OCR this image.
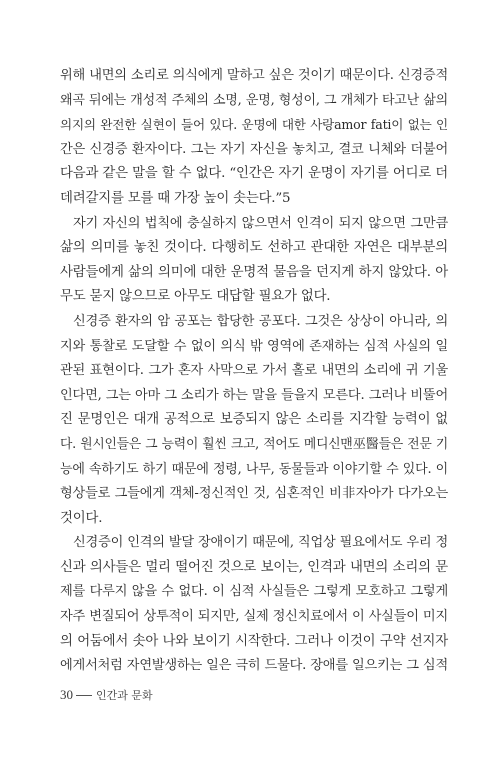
위해 내면의 소리로 의식에게 말하고 싶은 것이기 때문이다. 신경증적
왜곡 뒤에는 개성적 주체의 소명, 운명, 형성이, 그 개체가 타고난 삶의
의지의 완전한 실현이 들어 있다. 운명에 대한 사랑amor fati이 없는 인
간은 신경증 환자이다. 그는 자기 자신을 놓치고, 결코 니체와 더불어
다음과 같은 말을 할 수 없다. “인간은 자기 운명이 자기를 어디로 더
데려갈지를 모를 때 가장 높이 솟는다.”5
자기 자신의 법칙에 충실하지 않으면서 인격이 되지 않으면 그만큼
삶의 의미를 놓친 것이다. 다행히도 선하고 관대한 자연은 대부분의
사람들에게 삶의 의미에 대한 운명적 물음을 던지게 하지 않았다. 아
무도 묻지 않으므로 아무도 대답할 필요가 없다.
신경증 환자의 암 공포는 합당한 공포다. 그것은 상상이 아니라, 의
지와 통찰로 도달할 수 없이 의식 밖 영역에 존재하는 심적 사실의 일
관된 표현이다. 그가 혼자 사막으로 가서 홀로 내면의 소리에 귀 기울
인다면, 그는 아마 그 소리가 하는 말을 들을지 모른다. 그러나 비뚤어
진 문명인은 대개 공적으로 보증되지 않은 소리를 지각할 능력이 없
다. 원시인들은 그 능력이 훨씬 크고, 적어도 메디신맨巫醫들은 전문 기
능에 속하기도 하기 때문에 정령, 나무, 동물들과 이야기할 수 있다. 이
형상들로 그들에게 객체-정신적인 것, 심혼적인 비非자아가 다가오는
것이다.
신경증이 인격의 발달 장애이기 때문에, 직업상 필요에서도 우리 정
신과 의사들은 멀리 떨어진 것으로 보이는, 인격과 내면의 소리의 문
제를 다루지 않을 수 없다. 이 심적 사실들은 그렇게 모호하고 그렇게
자주 변질되어 상투적이 되지만, 실제 정신치료에서 이 사실들이 미지
의 어둠에서 솟아 나와 보이기 시작한다. 그러나 이것이 구약 선지자
에게서처럼 자연발생하는 일은 극히 드물다. 장애를 일으키는 그 심적
30 인간과 문화
